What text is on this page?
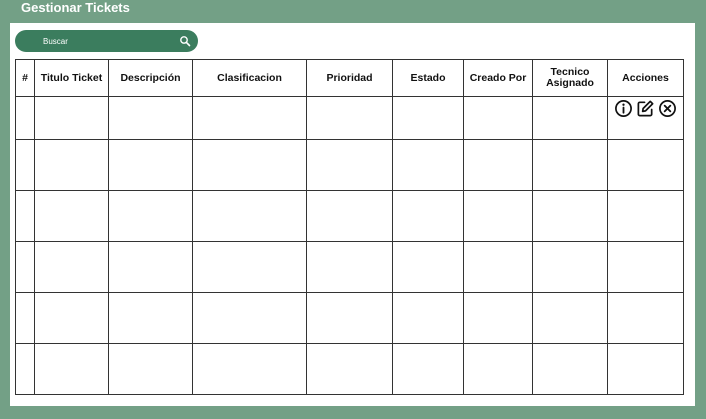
Gestionar Tickets
Buscar
#	Titulo Ticket	Descripción	Clasificacion	Prioridad	Estado	Creado Por	Tecnico Asignado	Acciones
